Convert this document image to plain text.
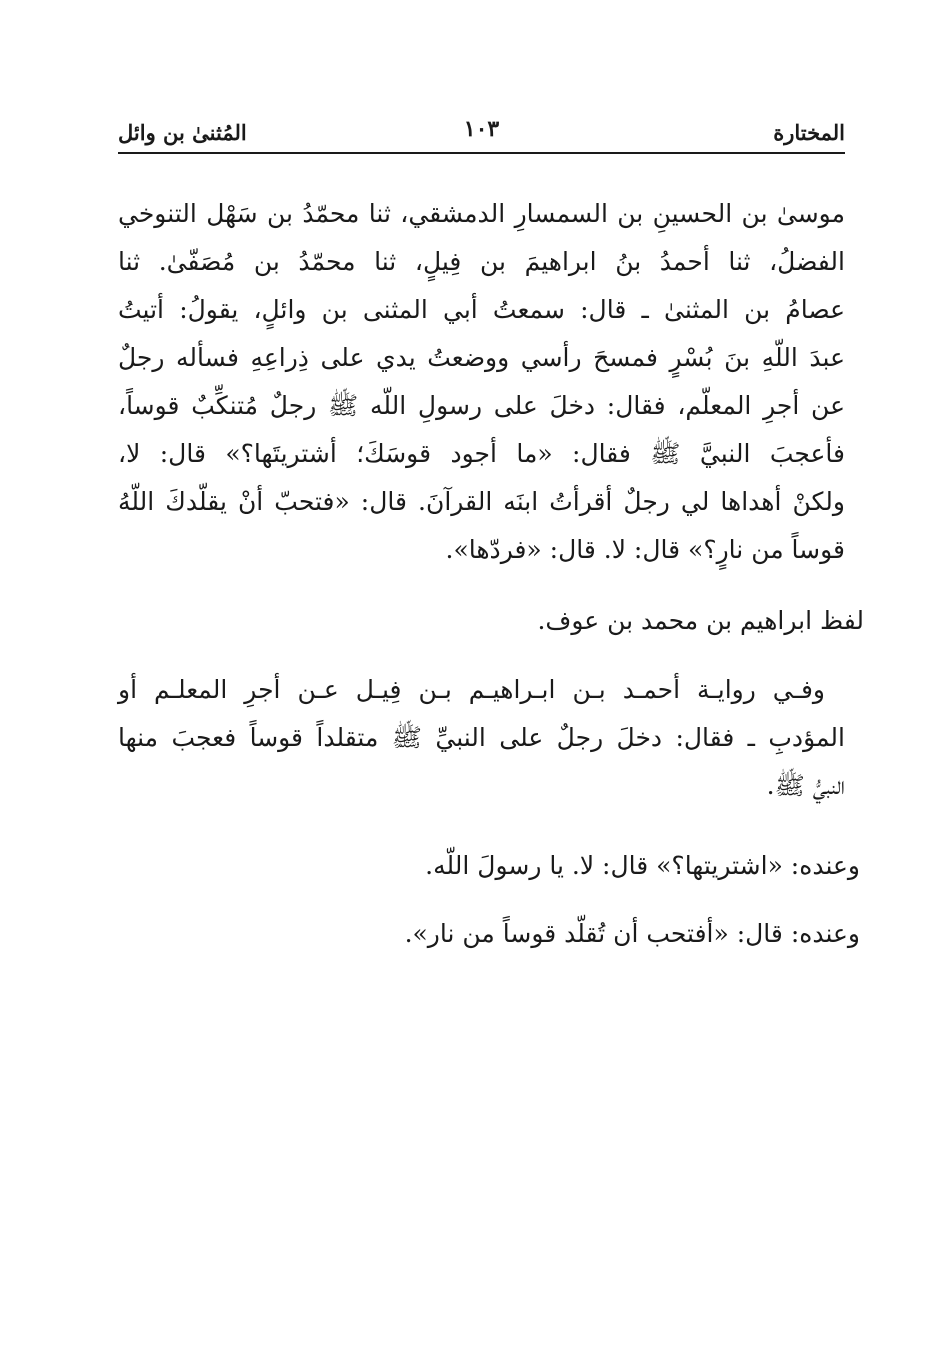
المختارة
١٠٣
المُثنىٰ بن وائل
موسىٰ بن الحسينِ بن السمسارِ الدمشقي، ثنا محمّدُ بن سَهْل التنوخي
الفضلُ، ثنا أحمدُ بنُ ابراهيمَ بن فِيلٍ، ثنا محمّدُ بن مُصَفّىٰ. ثنا
عصامُ بن المثنىٰ ـ قال: سمعتُ أبي المثنى بن وائلٍ، يقولُ: أتيتُ
عبدَ اللّهِ بنَ بُسْرٍ فمسحَ رأسي ووضعتُ يدي على ذِراعِهِ فسأله رجلٌ
عن أجرِ المعلّم، فقال: دخلَ على رسولِ اللّه ﷺ رجلٌ مُتنكِّبٌ قوساً،
فأعجبَ النبيَّ ﷺ فقال: «ما أجود قوسَكَ؛ أشتريتَها؟» قال: لا،
ولكنْ أهداها لي رجلٌ أقرأتُ ابنَه القرآنَ. قال: «فتحبّ أنْ يقلّدكَ اللّهُ
قوساً من نارٍ؟» قال: لا. قال: «فردّها».
لفظ ابراهيم بن محمد بن عوف.
وفـي روايـة أحمـد بـن ابـراهيـم بـن فِيـل عـن أجرِ المعلـم أو
المؤدبِ ـ فقال: دخلَ رجلٌ على النبيِّ ﷺ متقلداً قوساً فعجبَ منها
النبيُّ ﷺ.
وعنده: «اشتريتها؟» قال: لا. يا رسولَ اللّه.
وعنده: قال: «أفتحب أن تُقلّد قوساً من نار».
